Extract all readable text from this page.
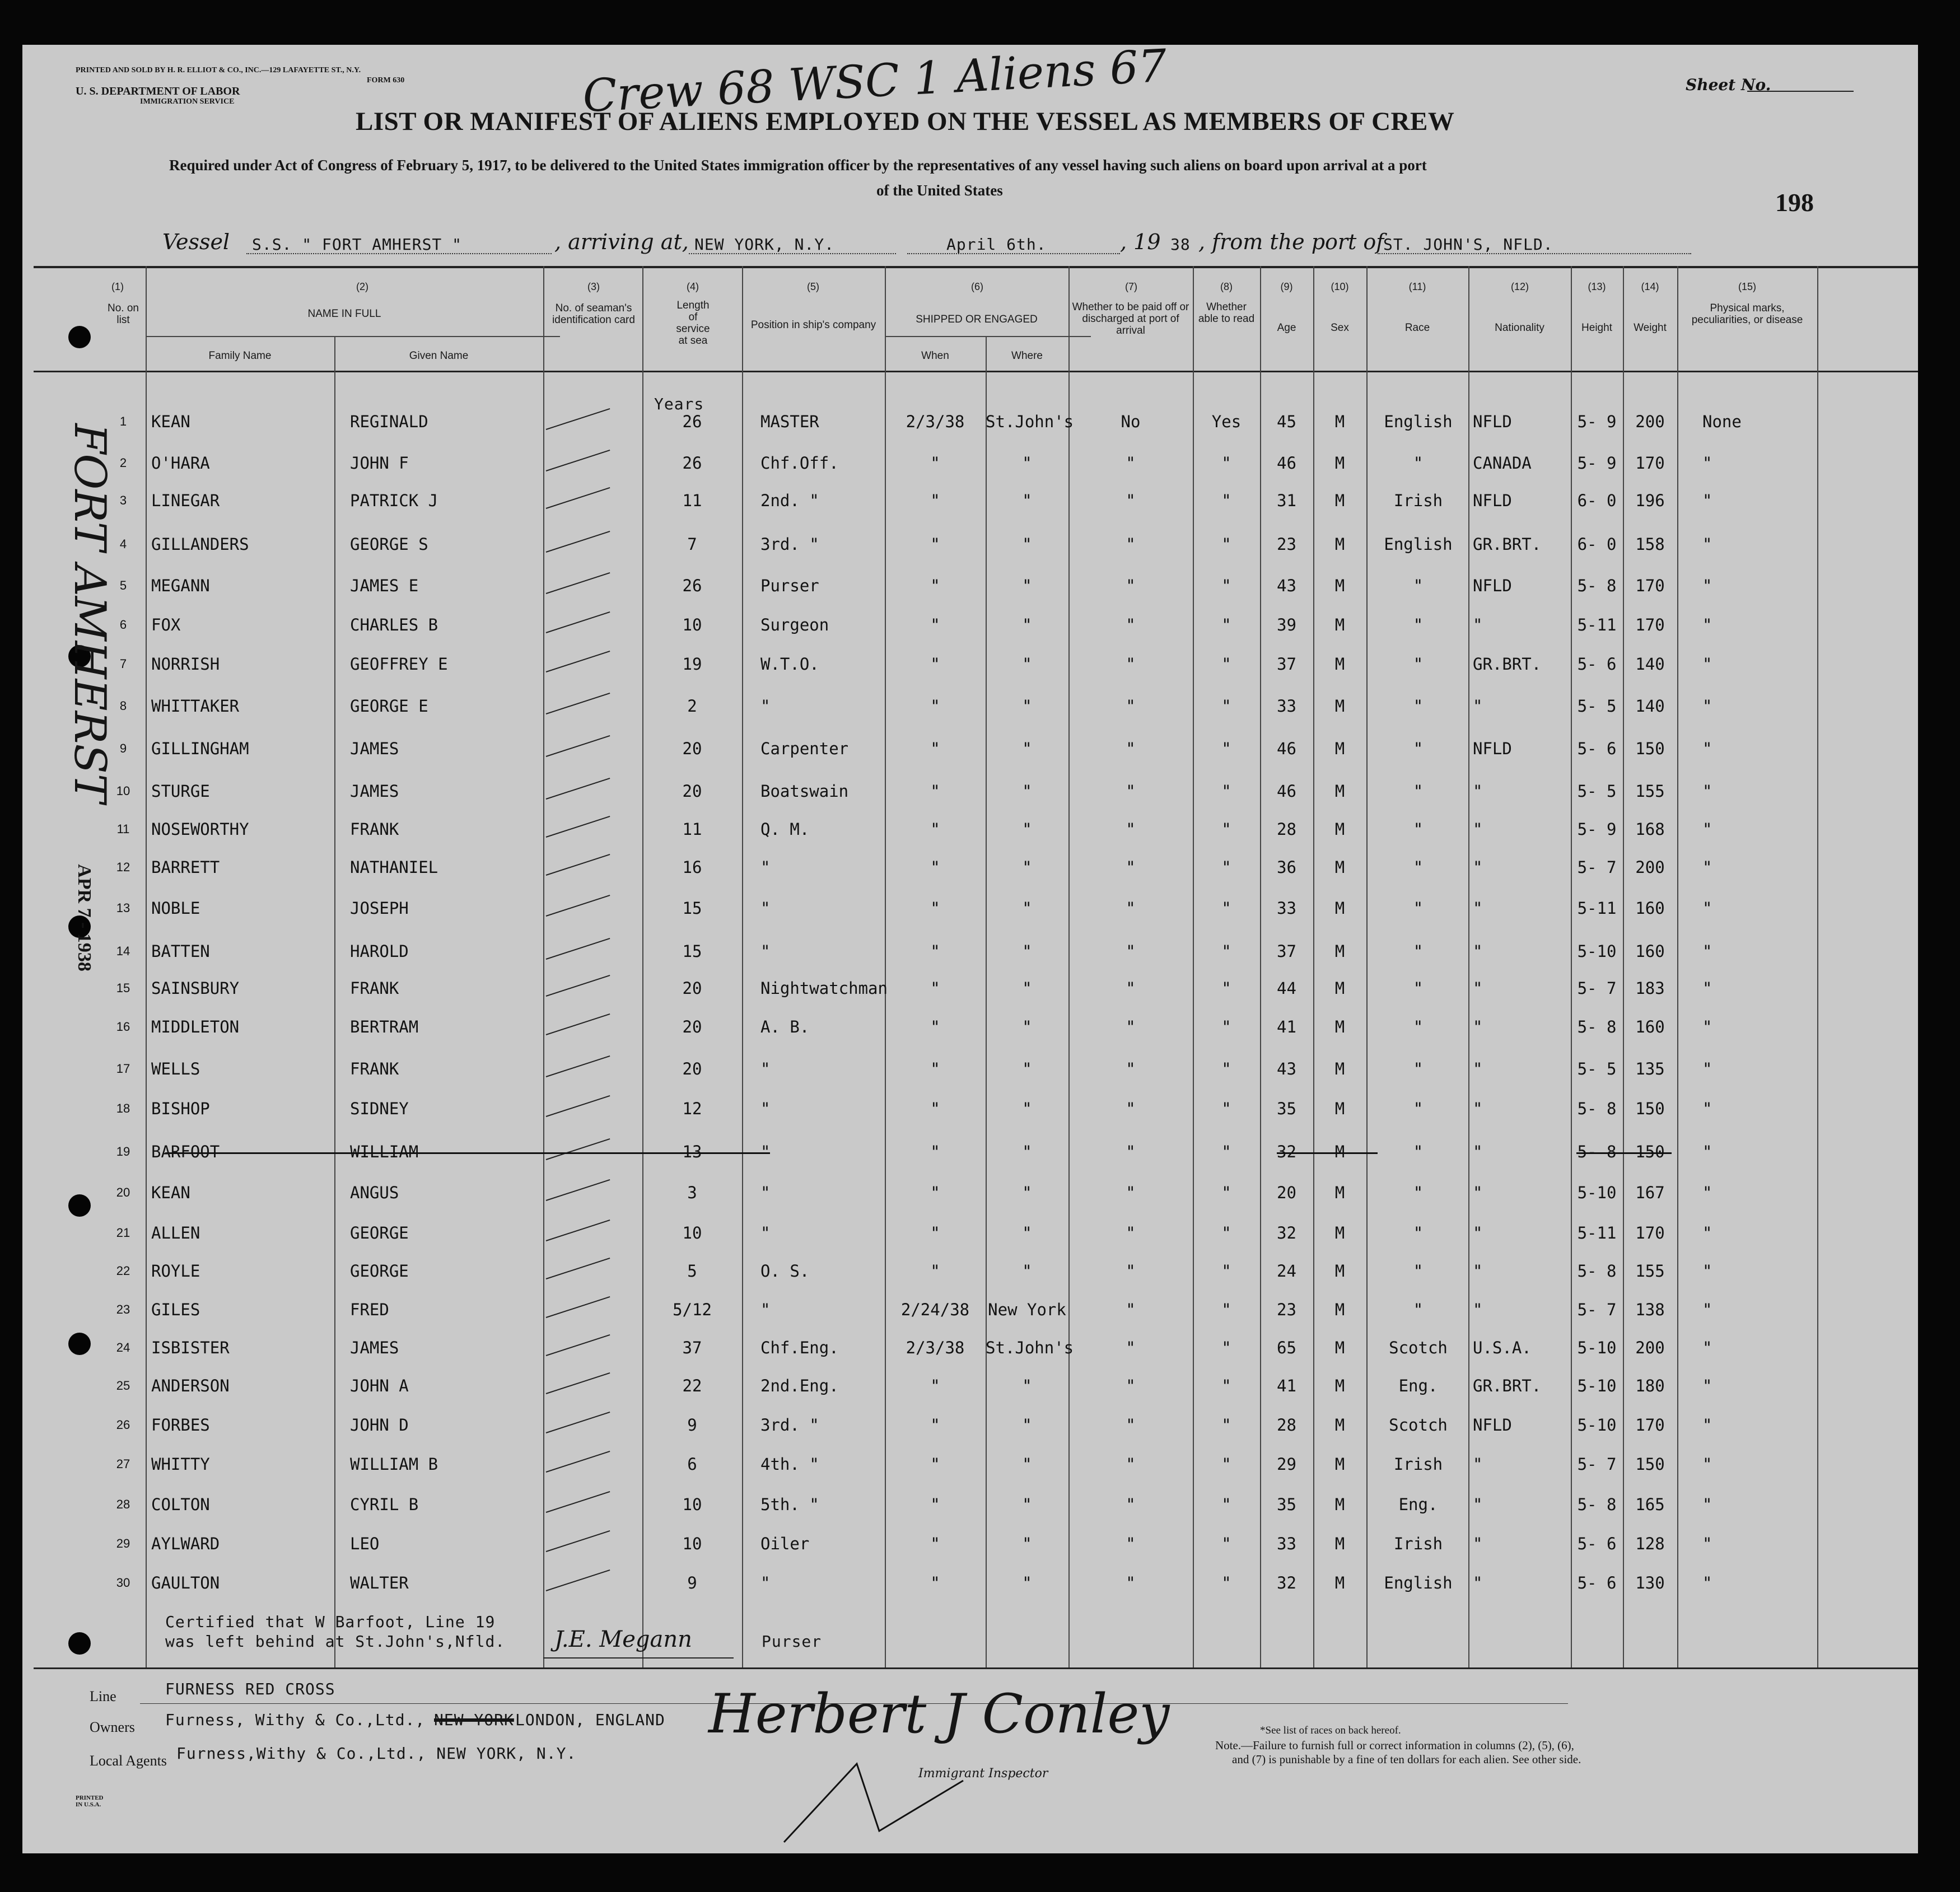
PRINTED AND SOLD BY H. R. ELLIOT & CO., INC.—129 LAFAYETTE ST., N.Y.
FORM 630
U. S. DEPARTMENT OF LABOR
IMMIGRATION SERVICE	Crew 68 WSC 1 Aliens 67	Sheet No.
LIST OR MANIFEST OF ALIENS EMPLOYED ON THE VESSEL AS MEMBERS OF CREW
Required under Act of Congress of February 5, 1917, to be delivered to the United States immigration officer by the representatives of any vessel having such aliens on board upon arrival at a port
of the United States	198
Vessel S.S. " FORT AMHERST "	, arriving at, NEW YORK, N.Y.	April 6th.	, 19 38 , from the port of
ST. JOHN'S, NFLD.
FORT AMHERST
APR 7 - 1938
(1)	(2)	(3)	(4)	(5)	(6)	(7)	(8)	(9)	(10)	(11)	(12)	(13)	(14)	(15)
No. on list
NAME IN FULL
Family Name	Given Name
No. of seaman's identification card
Length of service at sea
Position in ship's company	SHIPPED OR ENGAGED
When	Where
Whether to be paid off or discharged at port of arrival
Whether able to read
Age	Sex	Race	Nationality	Height	Weight
Physical marks, peculiarities, or disease
Years
1	KEAN	REGINALD	26	MASTER	2/3/38	St.John's	No	Yes	45	M	English	NFLD	5- 9	200	None
2	O'HARA	JOHN F	26	Chf.Off.	"	"	"	"	46	M	"	CANADA	5- 9	170	"
3	LINEGAR	PATRICK J	11	2nd. "	"	"	"	"	31	M	Irish	NFLD	6- 0	196	"
4	GILLANDERS	GEORGE S	7	3rd. "	"	"	"	"	23	M	English	GR.BRT.	6- 0	158	"
5	MEGANN	JAMES E	26	Purser	"	"	"	"	43	M	"	NFLD	5- 8	170	"
6	FOX	CHARLES B	10	Surgeon	"	"	"	"	39	M	"	"	5-11	170	"
7	NORRISH	GEOFFREY E	19	W.T.O.	"	"	"	"	37	M	"	GR.BRT.	5- 6	140	"
8	WHITTAKER	GEORGE E	2	"	"	"	"	"	33	M	"	"	5- 5	140	"
9	GILLINGHAM	JAMES	20	Carpenter	"	"	"	"	46	M	"	NFLD	5- 6	150	"
10	STURGE	JAMES	20	Boatswain	"	"	"	"	46	M	"	"	5- 5	155	"
11	NOSEWORTHY	FRANK	11	Q. M.	"	"	"	"	28	M	"	"	5- 9	168	"
12	BARRETT	NATHANIEL	16	"	"	"	"	"	36	M	"	"	5- 7	200	"
13	NOBLE	JOSEPH	15	"	"	"	"	"	33	M	"	"	5-11	160	"
14	BATTEN	HAROLD	15	"	"	"	"	"	37	M	"	"	5-10	160	"
15	SAINSBURY	FRANK	20	Nightwatchman	"	"	"	"	44	M	"	"	5- 7	183	"
16	MIDDLETON	BERTRAM	20	A. B.	"	"	"	"	41	M	"	"	5- 8	160	"
17	WELLS	FRANK	20	"	"	"	"	"	43	M	"	"	5- 5	135	"
18	BISHOP	SIDNEY	12	"	"	"	"	"	35	M	"	"	5- 8	150	"
19	BARFOOT	WILLIAM	13	"	"	"	"	"	32	M	"	"	5- 8	150	"
20	KEAN	ANGUS	3	"	"	"	"	"	20	M	"	"	5-10	167	"
21	ALLEN	GEORGE	10	"	"	"	"	"	32	M	"	"	5-11	170	"
22	ROYLE	GEORGE	5	O. S.	"	"	"	"	24	M	"	"	5- 8	155	"
23	GILES	FRED	5/12	"	2/24/38	New York	"	"	23	M	"	"	5- 7	138	"
24	ISBISTER	JAMES	37	Chf.Eng.	2/3/38	St.John's	"	"	65	M	Scotch	U.S.A.	5-10	200	"
25	ANDERSON	JOHN A	22	2nd.Eng.	"	"	"	"	41	M	Eng.	GR.BRT.	5-10	180	"
26	FORBES	JOHN D	9	3rd. "	"	"	"	"	28	M	Scotch	NFLD	5-10	170	"
27	WHITTY	WILLIAM B	6	4th. "	"	"	"	"	29	M	Irish	"	5- 7	150	"
28	COLTON	CYRIL B	10	5th. "	"	"	"	"	35	M	Eng.	"	5- 8	165	"
29	AYLWARD	LEO	10	Oiler	"	"	"	"	33	M	Irish	"	5- 6	128	"
30	GAULTON	WALTER	9	"	"	"	"	"	32	M	English	"	5- 6	130	"
Certified that W Barfoot, Line 19
was left behind at St.John's,Nfld. J.E. Megann	Purser
Line	FURNESS RED CROSS
Owners Furness, Withy & Co.,Ltd., NEW YORK LONDON, ENGLAND
Local Agents Furness,Withy & Co.,Ltd., NEW YORK, N.Y.
Herbert J Conley
Immigrant Inspector
*See list of races on back hereof.
Note.—Failure to furnish full or correct information in columns (2), (5), (6),
and (7) is punishable by a fine of ten dollars for each alien. See other side.
PRINTED IN U.S.A.
